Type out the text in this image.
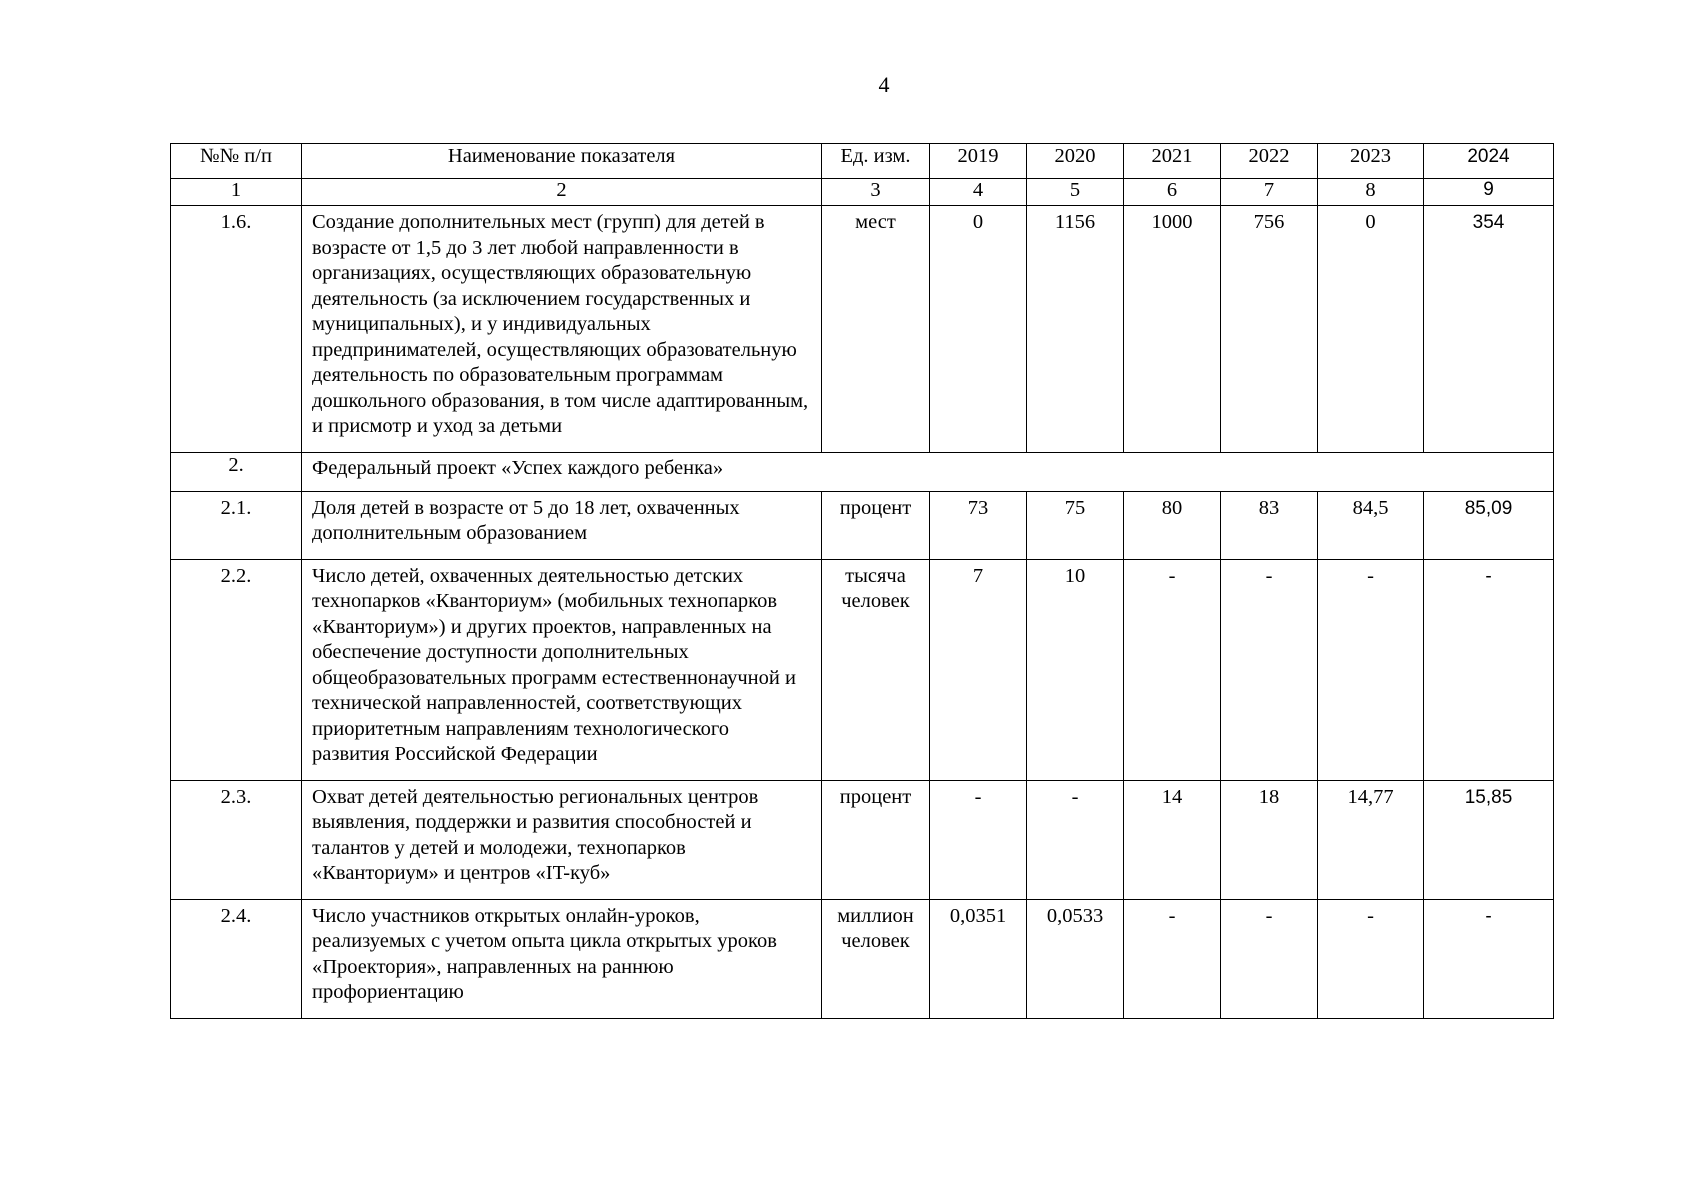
4
№№ п/п	Наименование показателя	Ед. изм.	2019	2020	2021	2022	2023	2024
1	2	3	4	5	6	7	8	9
1.6.	Создание дополнительных мест (групп) для детей в возрасте от 1,5 до 3 лет любой направленности в организациях, осуществляющих образовательную деятельность (за исключением государственных и муниципальных), и у индивидуальных предпринимателей, осуществляющих образовательную деятельность по образовательным программам дошкольного образования, в том числе адаптированным, и присмотр и уход за детьми	мест	0	1156	1000	756	0	354
2.	Федеральный проект «Успех каждого ребенка»							
2.1.	Доля детей в возрасте от 5 до 18 лет, охваченных дополнительным образованием	процент	73	75	80	83	84,5	85,09
2.2.	Число детей, охваченных деятельностью детских технопарков «Кванториум» (мобильных технопарков «Кванториум») и других проектов, направленных на обеспечение доступности дополнительных общеобразовательных программ естественнонаучной и технической направленностей, соответствующих приоритетным направлениям технологического развития Российской Федерации	тысяча человек	7	10	-	-	-	-
2.3.	Охват детей деятельностью региональных центров выявления, поддержки и развития способностей и талантов у детей и молодежи, технопарков «Кванториум» и центров «IT-куб»	процент	-	-	14	18	14,77	15,85
2.4.	Число участников открытых онлайн-уроков, реализуемых с учетом опыта цикла открытых уроков «Проектория», направленных на раннюю профориентацию	миллион человек	0,0351	0,0533	-	-	-	-
